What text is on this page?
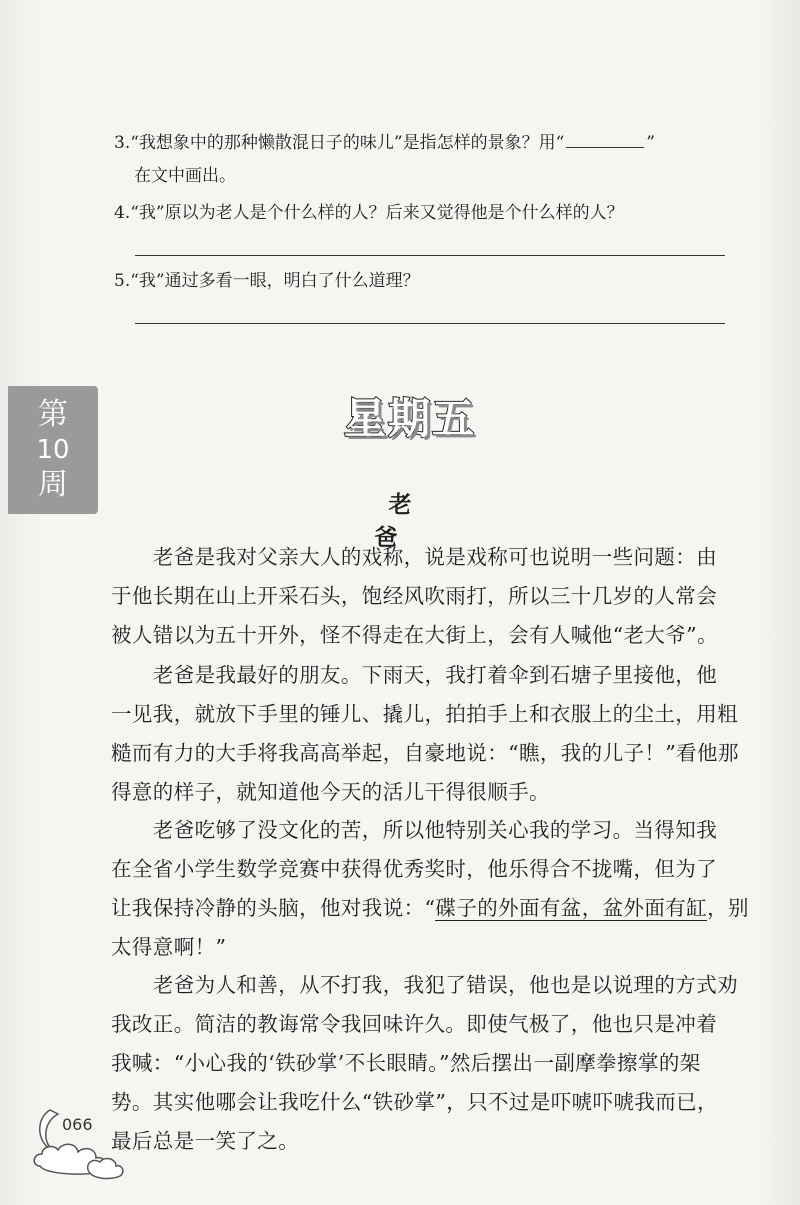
3.“我想象中的那种懒散混日子的味儿”是指怎样的景象？用“	”
在文中画出。
4.“我”原以为老人是个什么样的人？后来又觉得他是个什么样的人？
5.“我”通过多看一眼，明白了什么道理？
第
10
周
星期五
老爸
　　老爸是我对父亲大人的戏称，说是戏称可也说明一些问题：由
于他长期在山上开采石头，饱经风吹雨打，所以三十几岁的人常会
被人错以为五十开外，怪不得走在大街上，会有人喊他“老大爷”。
　　老爸是我最好的朋友。下雨天，我打着伞到石塘子里接他，他
一见我，就放下手里的锤儿、撬儿，拍拍手上和衣服上的尘土，用粗
糙而有力的大手将我高高举起，自豪地说：“瞧，我的儿子！”看他那
得意的样子，就知道他今天的活儿干得很顺手。
　　老爸吃够了没文化的苦，所以他特别关心我的学习。当得知我
在全省小学生数学竞赛中获得优秀奖时，他乐得合不拢嘴，但为了
让我保持冷静的头脑，他对我说：“碟子的外面有盆，盆外面有缸，别
太得意啊！”
　　老爸为人和善，从不打我，我犯了错误，他也是以说理的方式劝
我改正。简洁的教诲常令我回味许久。即使气极了，他也只是冲着
我喊：“小心我的‘铁砂掌’不长眼睛。”然后摆出一副摩拳擦掌的架
势。其实他哪会让我吃什么“铁砂掌”，只不过是吓唬吓唬我而已，
最后总是一笑了之。
066
